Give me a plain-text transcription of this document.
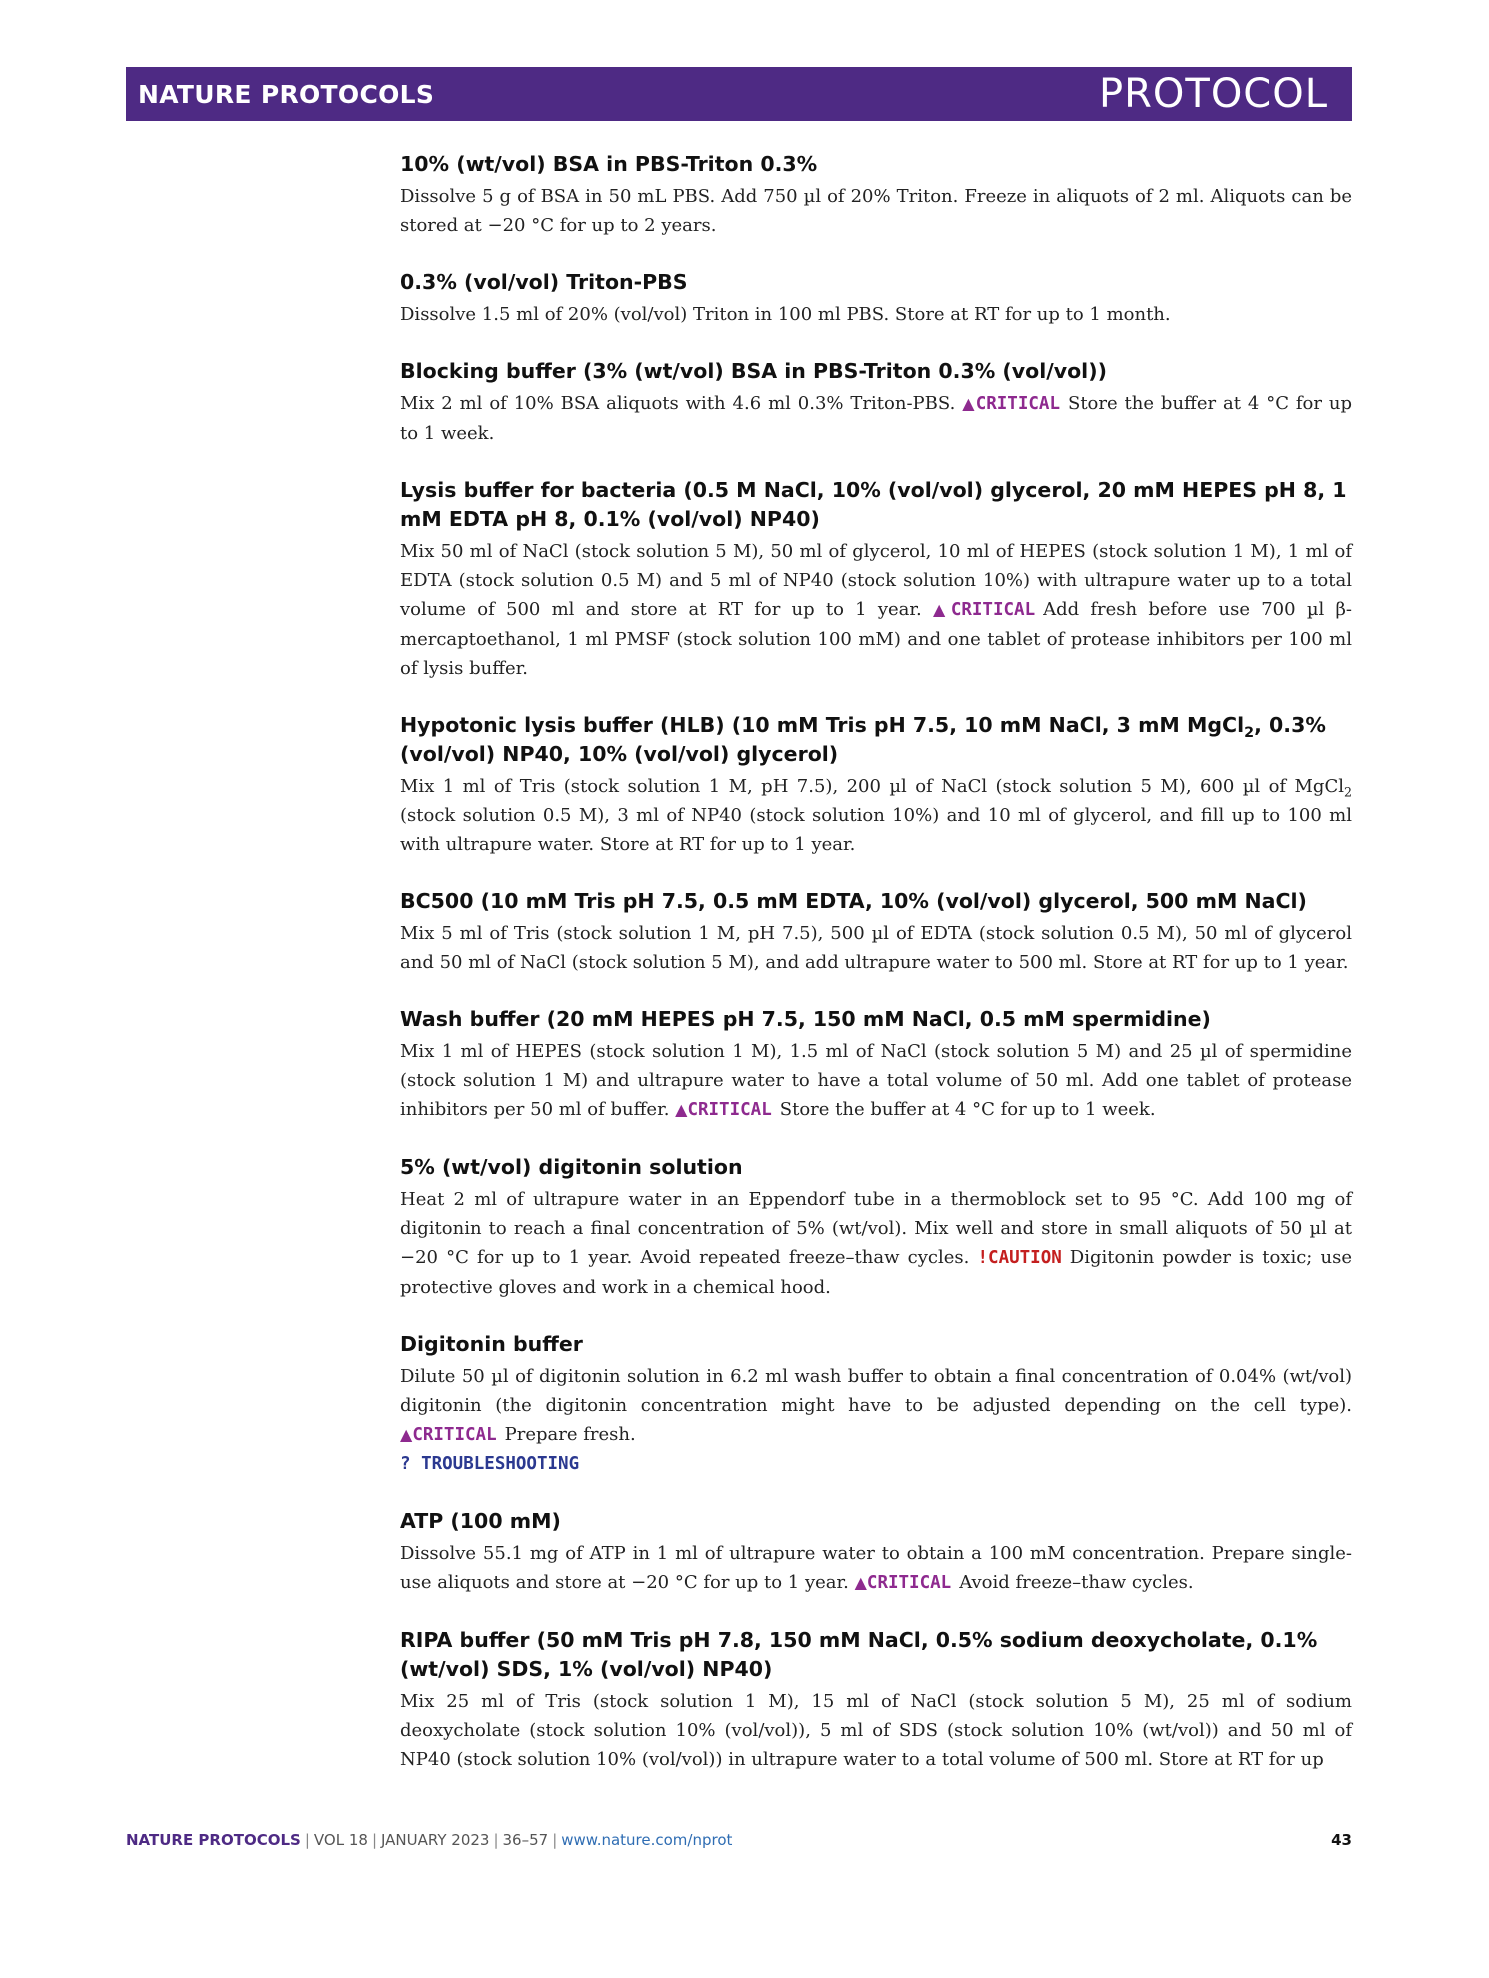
NATURE PROTOCOLS	PROTOCOL
10% (wt/vol) BSA in PBS-Triton 0.3%

Dissolve 5 g of BSA in 50 mL PBS. Add 750 µl of 20% Triton. Freeze in aliquots of 2 ml. Aliquots can be stored at −20 °C for up to 2 years.

0.3% (vol/vol) Triton-PBS

Dissolve 1.5 ml of 20% (vol/vol) Triton in 100 ml PBS. Store at RT for up to 1 month.

Blocking buffer (3% (wt/vol) BSA in PBS-Triton 0.3% (vol/vol))

Mix 2 ml of 10% BSA aliquots with 4.6 ml 0.3% Triton-PBS. ▲CRITICAL Store the buffer at 4 °C for up to 1 week.

Lysis buffer for bacteria (0.5 M NaCl, 10% (vol/vol) glycerol, 20 mM HEPES pH 8, 1 mM EDTA pH 8, 0.1% (vol/vol) NP40)

Mix 50 ml of NaCl (stock solution 5 M), 50 ml of glycerol, 10 ml of HEPES (stock solution 1 M), 1 ml of EDTA (stock solution 0.5 M) and 5 ml of NP40 (stock solution 10%) with ultrapure water up to a total volume of 500 ml and store at RT for up to 1 year. ▲CRITICAL Add fresh before use 700 µl β-mercaptoethanol, 1 ml PMSF (stock solution 100 mM) and one tablet of protease inhibitors per 100 ml of lysis buffer.

Hypotonic lysis buffer (HLB) (10 mM Tris pH 7.5, 10 mM NaCl, 3 mM MgCl$_2$, 0.3% (vol/vol) NP40, 10% (vol/vol) glycerol)

Mix 1 ml of Tris (stock solution 1 M, pH 7.5), 200 µl of NaCl (stock solution 5 M), 600 µl of MgCl$_2$ (stock solution 0.5 M), 3 ml of NP40 (stock solution 10%) and 10 ml of glycerol, and fill up to 100 ml with ultrapure water. Store at RT for up to 1 year.

BC500 (10 mM Tris pH 7.5, 0.5 mM EDTA, 10% (vol/vol) glycerol, 500 mM NaCl)

Mix 5 ml of Tris (stock solution 1 M, pH 7.5), 500 µl of EDTA (stock solution 0.5 M), 50 ml of glycerol and 50 ml of NaCl (stock solution 5 M), and add ultrapure water to 500 ml. Store at RT for up to 1 year.

Wash buffer (20 mM HEPES pH 7.5, 150 mM NaCl, 0.5 mM spermidine)

Mix 1 ml of HEPES (stock solution 1 M), 1.5 ml of NaCl (stock solution 5 M) and 25 µl of spermidine (stock solution 1 M) and ultrapure water to have a total volume of 50 ml. Add one tablet of protease inhibitors per 50 ml of buffer. ▲CRITICAL Store the buffer at 4 °C for up to 1 week.

5% (wt/vol) digitonin solution

Heat 2 ml of ultrapure water in an Eppendorf tube in a thermoblock set to 95 °C. Add 100 mg of digitonin to reach a final concentration of 5% (wt/vol). Mix well and store in small aliquots of 50 µl at −20 °C for up to 1 year. Avoid repeated freeze–thaw cycles. !CAUTION Digitonin powder is toxic; use protective gloves and work in a chemical hood.

Digitonin buffer

Dilute 50 µl of digitonin solution in 6.2 ml wash buffer to obtain a final concentration of 0.04% (wt/vol) digitonin (the digitonin concentration might have to be adjusted depending on the cell type). ▲CRITICAL Prepare fresh.
? TROUBLESHOOTING

ATP (100 mM)

Dissolve 55.1 mg of ATP in 1 ml of ultrapure water to obtain a 100 mM concentration. Prepare single-use aliquots and store at −20 °C for up to 1 year. ▲CRITICAL Avoid freeze–thaw cycles.

RIPA buffer (50 mM Tris pH 7.8, 150 mM NaCl, 0.5% sodium deoxycholate, 0.1% (wt/vol) SDS, 1% (vol/vol) NP40)

Mix 25 ml of Tris (stock solution 1 M), 15 ml of NaCl (stock solution 5 M), 25 ml of sodium deoxycholate (stock solution 10% (vol/vol)), 5 ml of SDS (stock solution 10% (wt/vol)) and 50 ml of NP40 (stock solution 10% (vol/vol)) in ultrapure water to a total volume of 500 ml. Store at RT for up

NATURE PROTOCOLS | VOL 18 | JANUARY 2023 | 36–57 | www.nature.com/nprot	43
